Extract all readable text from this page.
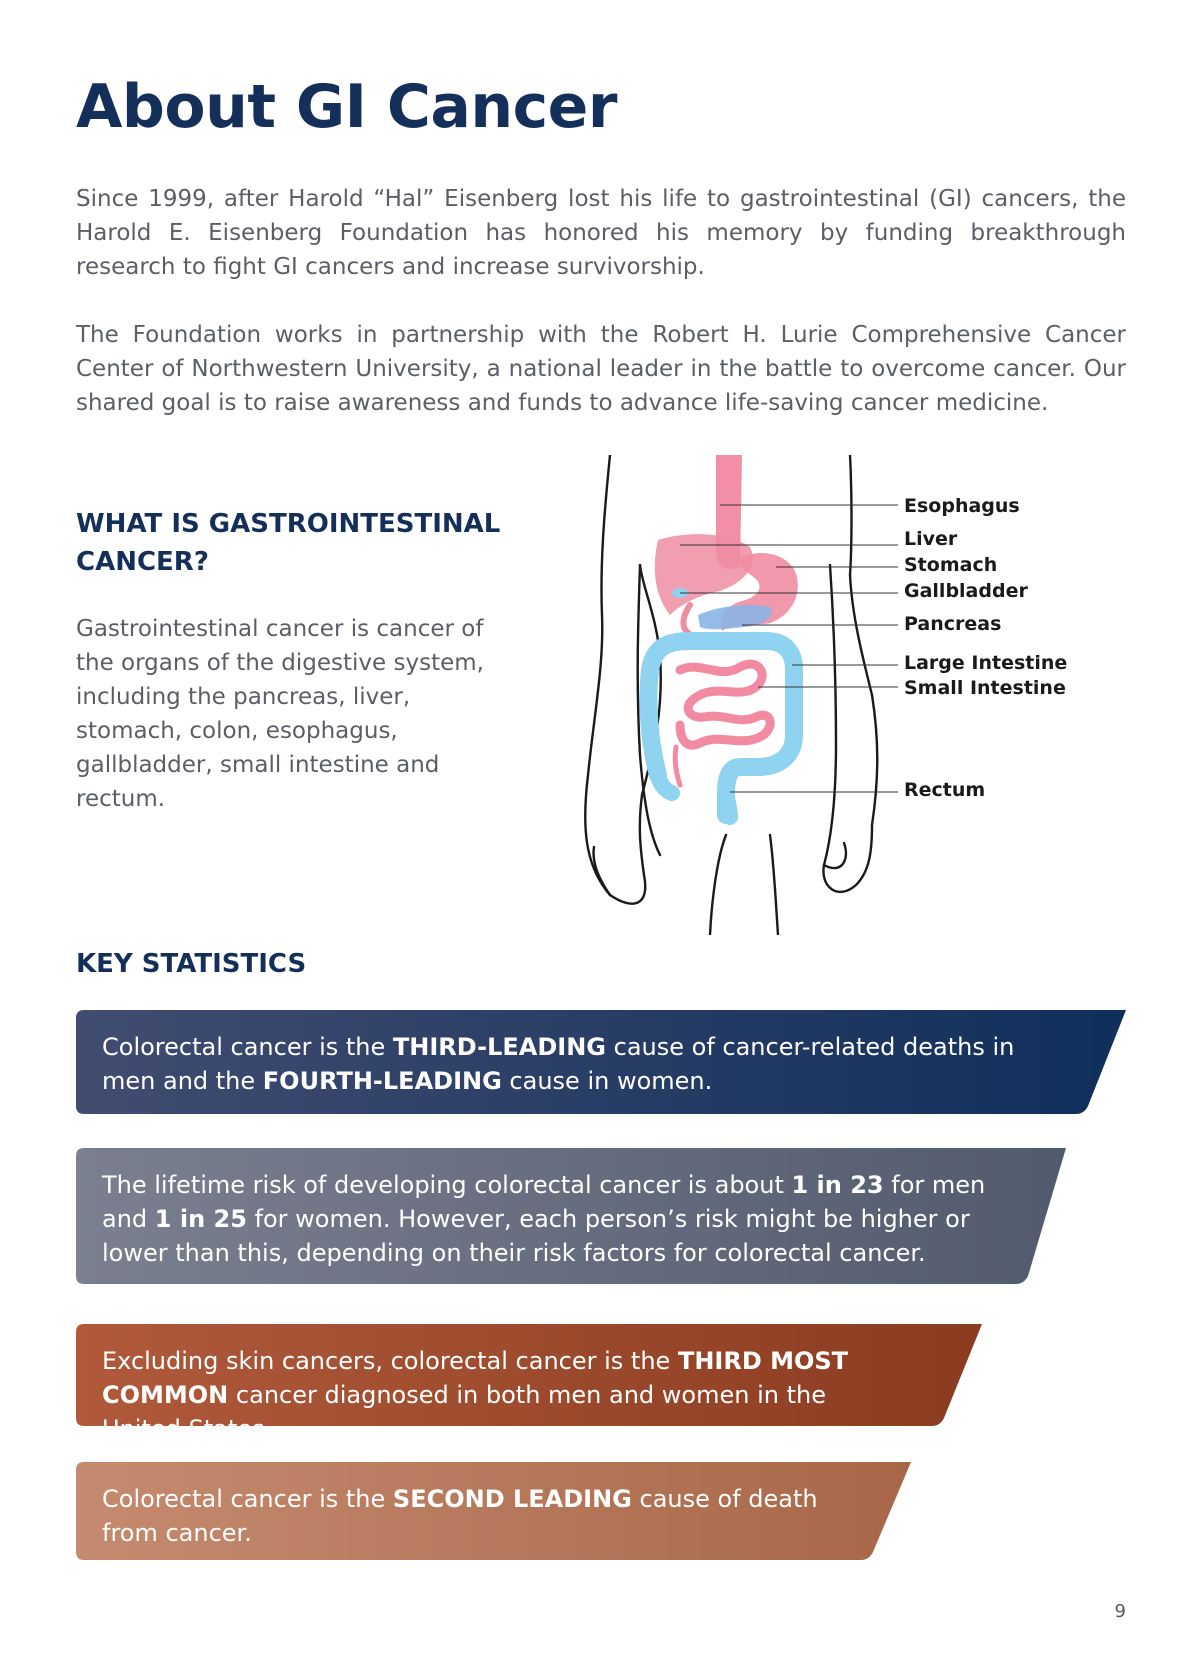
About GI Cancer

Since 1999, after Harold “Hal” Eisenberg lost his life to gastrointestinal (GI) cancers, the Harold E. Eisenberg Foundation has honored his memory by funding breakthrough research to fight GI cancers and increase survivorship.

The Foundation works in partnership with the Robert H. Lurie Comprehensive Cancer Center of Northwestern University, a national leader in the battle to overcome cancer. Our shared goal is to raise awareness and funds to advance life-saving cancer medicine.

WHAT IS GASTROINTESTINAL CANCER?

Gastrointestinal cancer is cancer of the organs of the digestive system, including the pancreas, liver, stomach, colon, esophagus, gallbladder, small intestine and rectum.

Esophagus
Liver
Stomach
Gallbladder
Pancreas
Large Intestine
Small Intestine
Rectum
KEY STATISTICS

Colorectal cancer is the THIRD-LEADING cause of cancer-related deaths in men and the FOURTH-LEADING cause in women.

The lifetime risk of developing colorectal cancer is about 1 in 23 for men and 1 in 25 for women. However, each person’s risk might be higher or lower than this, depending on their risk factors for colorectal cancer.

Excluding skin cancers, colorectal cancer is the THIRD MOST COMMON cancer diagnosed in both men and women in the United States.

Colorectal cancer is the SECOND LEADING cause of death from cancer.

9
